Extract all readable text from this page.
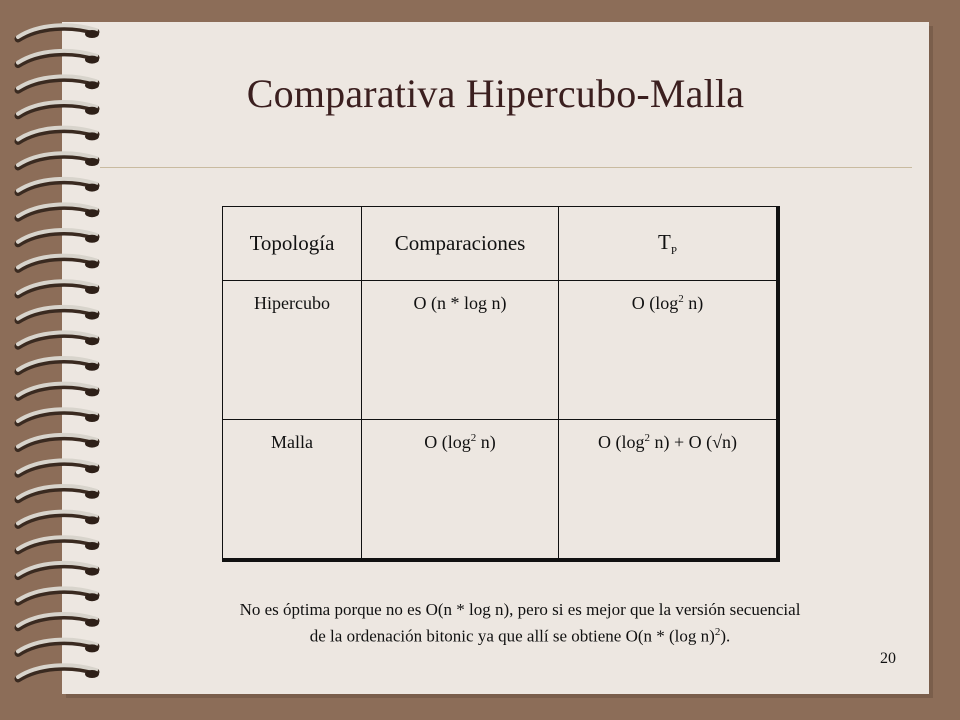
Comparativa Hipercubo-Malla
Topología	Comparaciones	$T_P$
Hipercubo	O (n * log n)	O ($\log^2$ n)
Malla	O ($\log^2$ n)	O ($\log^2$ n) + O (√n)
No es óptima porque no es O(n * log n), pero si es mejor que la versión secuencial
de la ordenación bitonic ya que allí se obtiene O(n * (log n)$^2$).
20
